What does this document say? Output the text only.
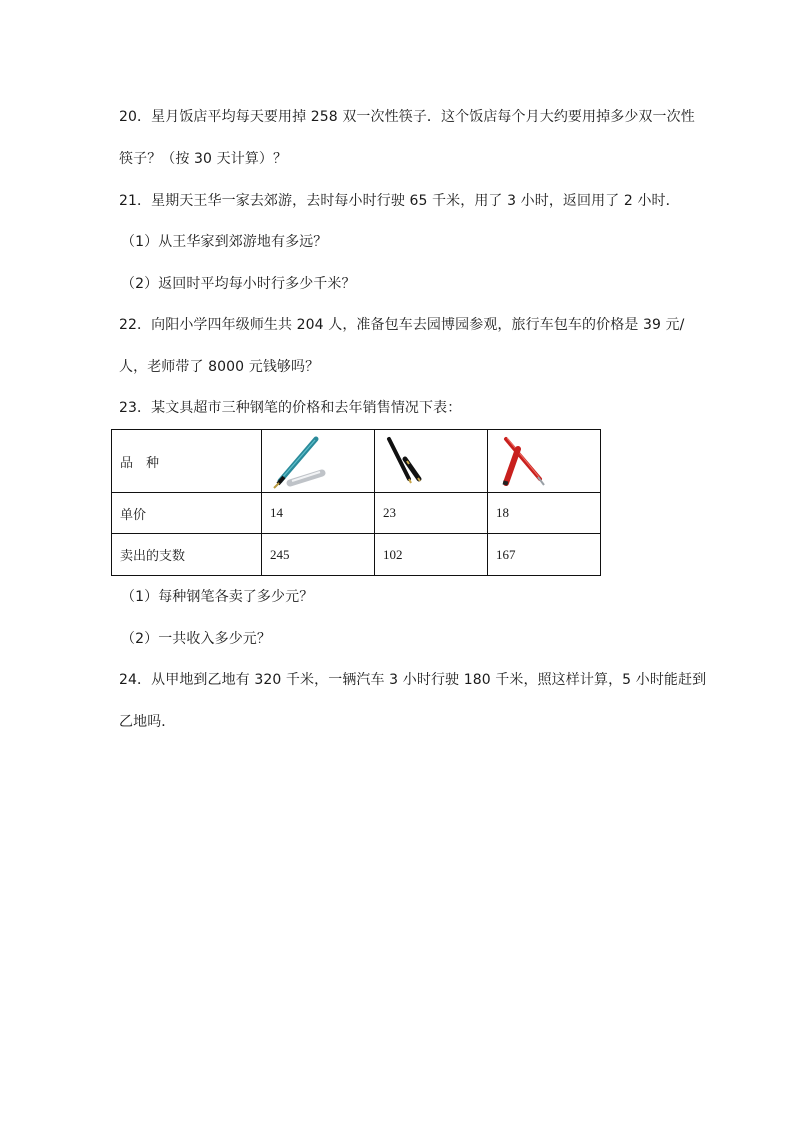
20．星月饭店平均每天要用掉 258 双一次性筷子．这个饭店每个月大约要用掉多少双一次性
筷子？（按 30 天计算）？
21．星期天王华一家去郊游，去时每小时行驶 65 千米，用了 3 小时，返回用了 2 小时．
（1）从王华家到郊游地有多远？
（2）返回时平均每小时行多少千米？
22．向阳小学四年级师生共 204 人，准备包车去园博园参观，旅行车包车的价格是 39 元/
人，老师带了 8000 元钱够吗？
23．某文具超市三种钢笔的价格和去年销售情况下表：
品　种	

单价	14	23	18
卖出的支数	245	102	167
（1）每种钢笔各卖了多少元？
（2）一共收入多少元？
24．从甲地到乙地有 320 千米，一辆汽车 3 小时行驶 180 千米，照这样计算，5 小时能赶到
乙地吗．
